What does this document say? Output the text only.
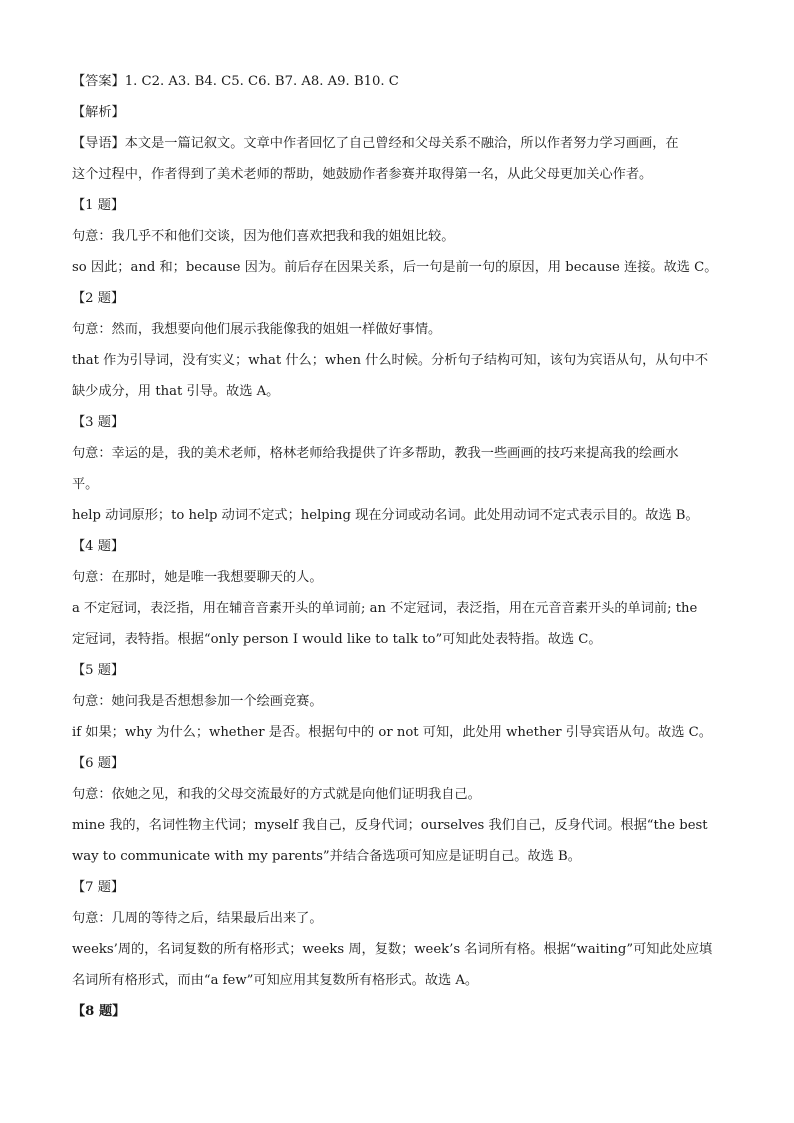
【答案】1. C2. A3. B4. C5. C6. B7. A8. A9. B10. C
【解析】
【导语】本文是一篇记叙文。文章中作者回忆了自己曾经和父母关系不融洽，所以作者努力学习画画，在
这个过程中，作者得到了美术老师的帮助，她鼓励作者参赛并取得第一名，从此父母更加关心作者。
【1 题】
句意：我几乎不和他们交谈，因为他们喜欢把我和我的姐姐比较。
so 因此；and 和；because 因为。前后存在因果关系，后一句是前一句的原因，用 because 连接。故选 C。
【2 题】
句意：然而，我想要向他们展示我能像我的姐姐一样做好事情。
that 作为引导词，没有实义；what 什么；when 什么时候。分析句子结构可知，该句为宾语从句，从句中不
缺少成分，用 that 引导。故选 A。
【3 题】
句意：幸运的是，我的美术老师，格林老师给我提供了许多帮助，教我一些画画的技巧来提高我的绘画水
平。
help 动词原形；to help 动词不定式；helping 现在分词或动名词。此处用动词不定式表示目的。故选 B。
【4 题】
句意：在那时，她是唯一我想要聊天的人。
a 不定冠词，表泛指，用在辅音音素开头的单词前; an 不定冠词，表泛指，用在元音音素开头的单词前; the
定冠词，表特指。根据“only person I would like to talk to”可知此处表特指。故选 C。
【5 题】
句意：她问我是否想想参加一个绘画竞赛。
if 如果；why 为什么；whether 是否。根据句中的 or not 可知，此处用 whether 引导宾语从句。故选 C。
【6 题】
句意：依她之见，和我的父母交流最好的方式就是向他们证明我自己。
mine 我的，名词性物主代词；myself 我自己，反身代词；ourselves 我们自己，反身代词。根据“the best
way to communicate with my parents”并结合备选项可知应是证明自己。故选 B。
【7 题】
句意：几周的等待之后，结果最后出来了。
weeks’周的，名词复数的所有格形式；weeks 周，复数；week’s 名词所有格。根据“waiting”可知此处应填
名词所有格形式，而由“a few”可知应用其复数所有格形式。故选 A。
【8 题】
